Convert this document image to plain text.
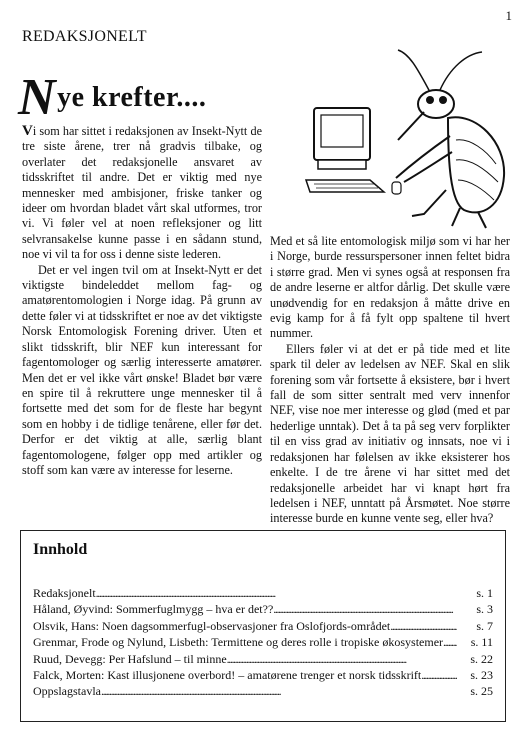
1
REDAKSJONELT
Nye krefter....

Vi som har sittet i redaksjonen av Insekt-Nytt de tre siste årene, trer nå gradvis tilbake, og overlater det redaksjonelle ansvaret av tidsskriftet til andre. Det er viktig med nye mennesker med ambisjoner, friske tanker og ideer om hvordan bladet vårt skal utformes, tror vi. Vi føler vel at noen refleksjoner og litt selvransakelse kunne passe i en sådann stund, noe vi vil ta for oss i denne siste lederen.

Det er vel ingen tvil om at Insekt-Nytt er det viktigste bindeleddet mellom fag- og amatørentomologien i Norge idag. På grunn av dette føler vi at tidsskriftet er noe av det viktigste Norsk Entomologisk Forening driver. Uten et slikt tidsskrift, blir NEF kun interessant for fagentomologer og særlig interesserte amatører. Men det er vel ikke vårt ønske! Bladet bør være en spire til å rekruttere unge mennesker til å fortsette med det som for de fleste har begynt som en hobby i de tidlige tenårene, eller før det. Derfor er det viktig at alle, særlig blant fagentomologene, følger opp med artikler og stoff som kan være av interesse for leserne.

Med et så lite entomologisk miljø som vi har her i Norge, burde ressurspersoner innen feltet bidra i større grad. Men vi synes også at responsen fra de andre leserne er altfor dårlig. Det skulle være unødvendig for en redaksjon å måtte drive en evig kamp for å få fylt opp spaltene til hvert nummer.

Ellers føler vi at det er på tide med et lite spark til deler av ledelsen av NEF. Skal en slik forening som vår fortsette å eksistere, bør i hvert fall de som sitter sentralt med verv innenfor NEF, vise noe mer interesse og glød (med et par hederlige unntak). Det å ta på seg verv forplikter til en viss grad av initiativ og innsats, noe vi i redaksjonen har følelsen av ikke eksisterer hos enkelte. I de tre årene vi har sittet med det redaksjonelle arbeidet har vi knapt hørt fra ledelsen i NEF, unntatt på Årsmøtet. Noe større interesse burde en kunne vente seg, eller hva?

Innhold
Redaksjonelt . . .	s. 1
Håland, Øyvind: Sommerfuglmygg – hva er det?? . . .	s. 3
Olsvik, Hans: Noen dagsommerfugl-observasjoner fra Oslofjords-området . . .	s. 7
Grenmar, Frode og Nylund, Lisbeth: Termittene og deres rolle i tropiske økosystemer . . .	s. 11
Ruud, Devegg: Per Hafslund – til minne . . .	s. 22
Falck, Morten: Kast illusjonene overbord! – amatørene trenger et norsk tidsskrift . . .	s. 23
Oppslagstavla . . .	s. 25
